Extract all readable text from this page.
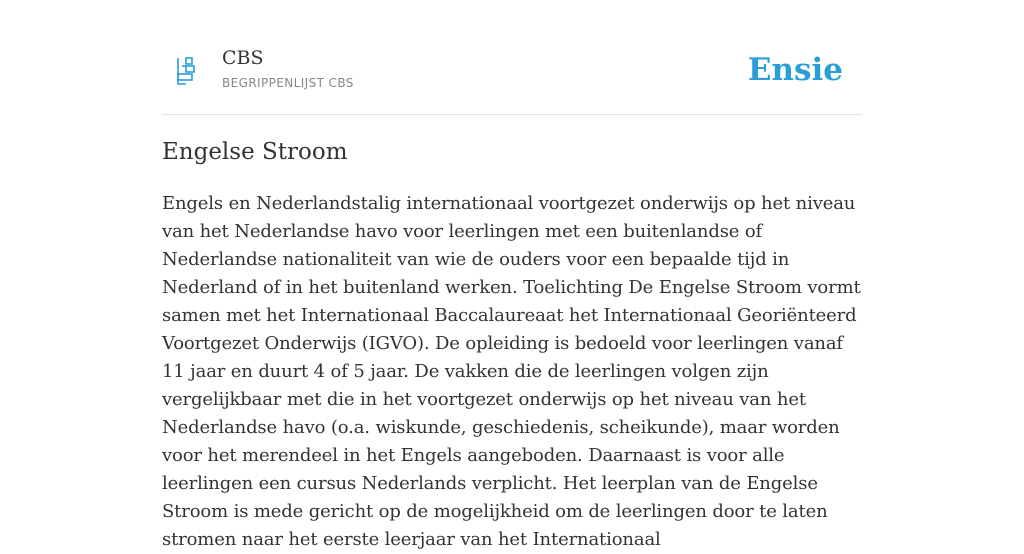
CBS
BEGRIPPENLIJST CBS	Ensie
Engelse Stroom

Engels en Nederlandstalig internationaal voortgezet onderwijs op het niveau van het Nederlandse havo voor leerlingen met een buitenlandse of Nederlandse nationaliteit van wie de ouders voor een bepaalde tijd in Nederland of in het buitenland werken. Toelichting De Engelse Stroom vormt samen met het Internationaal Baccalaureaat het Internationaal Georiënteerd Voortgezet Onderwijs (IGVO). De opleiding is bedoeld voor leerlingen vanaf 11 jaar en duurt 4 of 5 jaar. De vakken die de leerlingen volgen zijn vergelijkbaar met die in het voortgezet onderwijs op het niveau van het Nederlandse havo (o.a. wiskunde, geschiedenis, scheikunde), maar worden voor het merendeel in het Engels aangeboden. Daarnaast is voor alle leerlingen een cursus Nederlands verplicht. Het leerplan van de Engelse Stroom is mede gericht op de mogelijkheid om de leerlingen door te laten stromen naar het eerste leerjaar van het Internationaal
